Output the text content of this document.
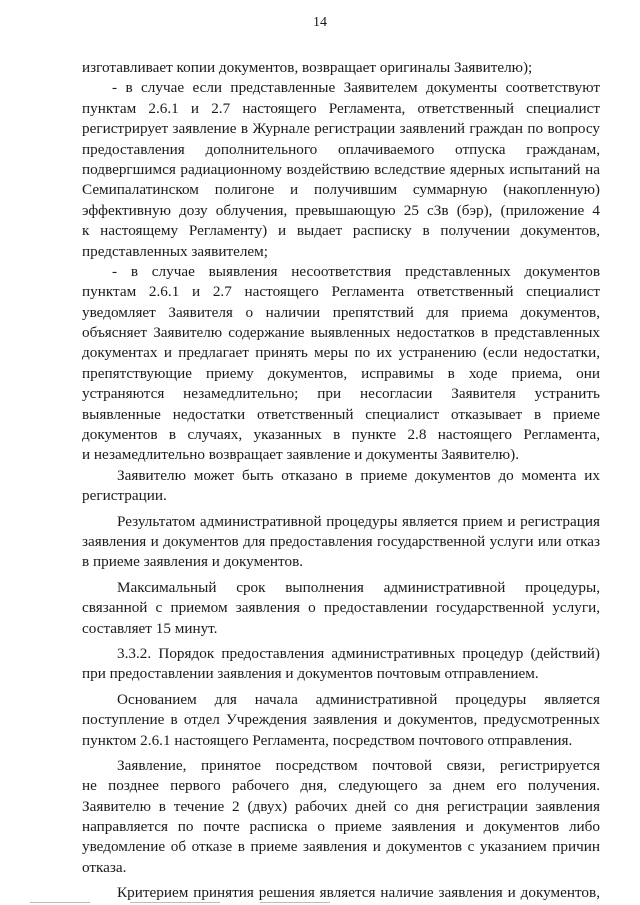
14
изготавливает копии документов, возвращает оригиналы Заявителю);
- в случае если представленные Заявителем документы соответствуют
пунктам 2.6.1 и 2.7 настоящего Регламента, ответственный специалист
регистрирует заявление в Журнале регистрации заявлений граждан по вопросу
предоставления дополнительного оплачиваемого отпуска гражданам,
подвергшимся радиационному воздействию вследствие ядерных испытаний на
Семипалатинском полигоне и получившим суммарную (накопленную)
эффективную дозу облучения, превышающую 25 сЗв (бэр), (приложение 4
к настоящему Регламенту) и выдает расписку в получении документов,
представленных заявителем;
- в случае выявления несоответствия представленных документов
пунктам 2.6.1 и 2.7 настоящего Регламента ответственный специалист
уведомляет Заявителя о наличии препятствий для приема документов,
объясняет Заявителю содержание выявленных недостатков в представленных
документах и предлагает принять меры по их устранению (если недостатки,
препятствующие приему документов, исправимы в ходе приема, они
устраняются незамедлительно; при несогласии Заявителя устранить
выявленные недостатки ответственный специалист отказывает в приеме
документов в случаях, указанных в пункте 2.8 настоящего Регламента,
и незамедлительно возвращает заявление и документы Заявителю).
Заявителю может быть отказано в приеме документов до момента их
регистрации.
Результатом административной процедуры является прием и регистрация
заявления и документов для предоставления государственной услуги или отказ
в приеме заявления и документов.
Максимальный срок выполнения административной процедуры,
связанной с приемом заявления о предоставлении государственной услуги,
составляет 15 минут.
3.3.2. Порядок предоставления административных процедур (действий)
при предоставлении заявления и документов почтовым отправлением.
Основанием для начала административной процедуры является
поступление в отдел Учреждения заявления и документов, предусмотренных
пунктом 2.6.1 настоящего Регламента, посредством почтового отправления.
Заявление, принятое посредством почтовой связи, регистрируется
не позднее первого рабочего дня, следующего за днем его получения.
Заявителю в течение 2 (двух) рабочих дней со дня регистрации заявления
направляется по почте расписка о приеме заявления и документов либо
уведомление об отказе в приеме заявления и документов с указанием причин
отказа.
Критерием принятия решения является наличие заявления и документов,
